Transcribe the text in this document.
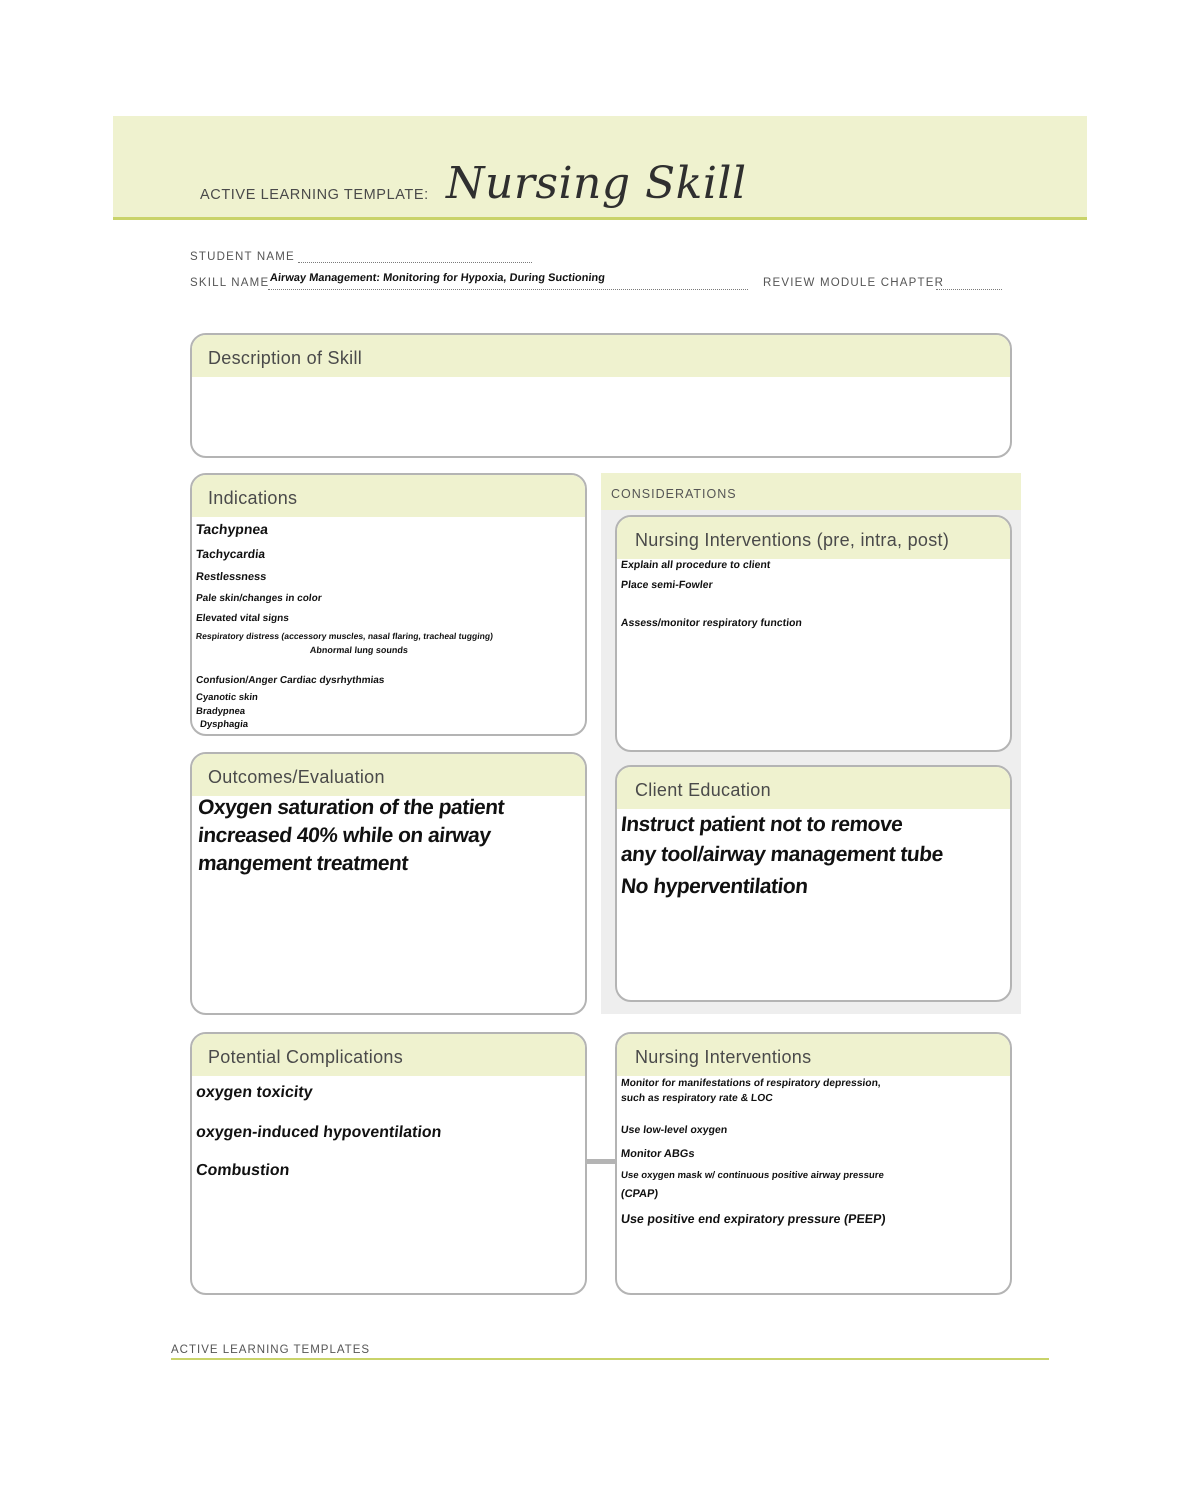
ACTIVE LEARNING TEMPLATE: Nursing Skill
STUDENT NAME
SKILL NAME Airway Management: Monitoring for Hypoxia, During Suctioning	REVIEW MODULE CHAPTER
Description of Skill
Indications
Tachypnea
Tachycardia
Restlessness
Pale skin/changes in color
Elevated vital signs
Respiratory distress (accessory muscles, nasal flaring, tracheal tugging)
Abnormal lung sounds
Confusion/Anger Cardiac dysrhythmias
Cyanotic skin
Bradypnea
Dysphagia
CONSIDERATIONS
Nursing Interventions (pre, intra, post)
Explain all procedure to client
Place semi-Fowler
Assess/monitor respiratory function
Outcomes/Evaluation
Oxygen saturation of the patient
increased 40% while on airway
mangement treatment
Client Education
Instruct patient not to remove
any tool/airway management tube
No hyperventilation
Potential Complications
oxygen toxicity
oxygen-induced hypoventilation
Combustion
Nursing Interventions
Monitor for manifestations of respiratory depression,
such as respiratory rate & LOC
Use low-level oxygen
Monitor ABGs
Use oxygen mask w/ continuous positive airway pressure
(CPAP)
Use positive end expiratory pressure (PEEP)
ACTIVE LEARNING TEMPLATES
